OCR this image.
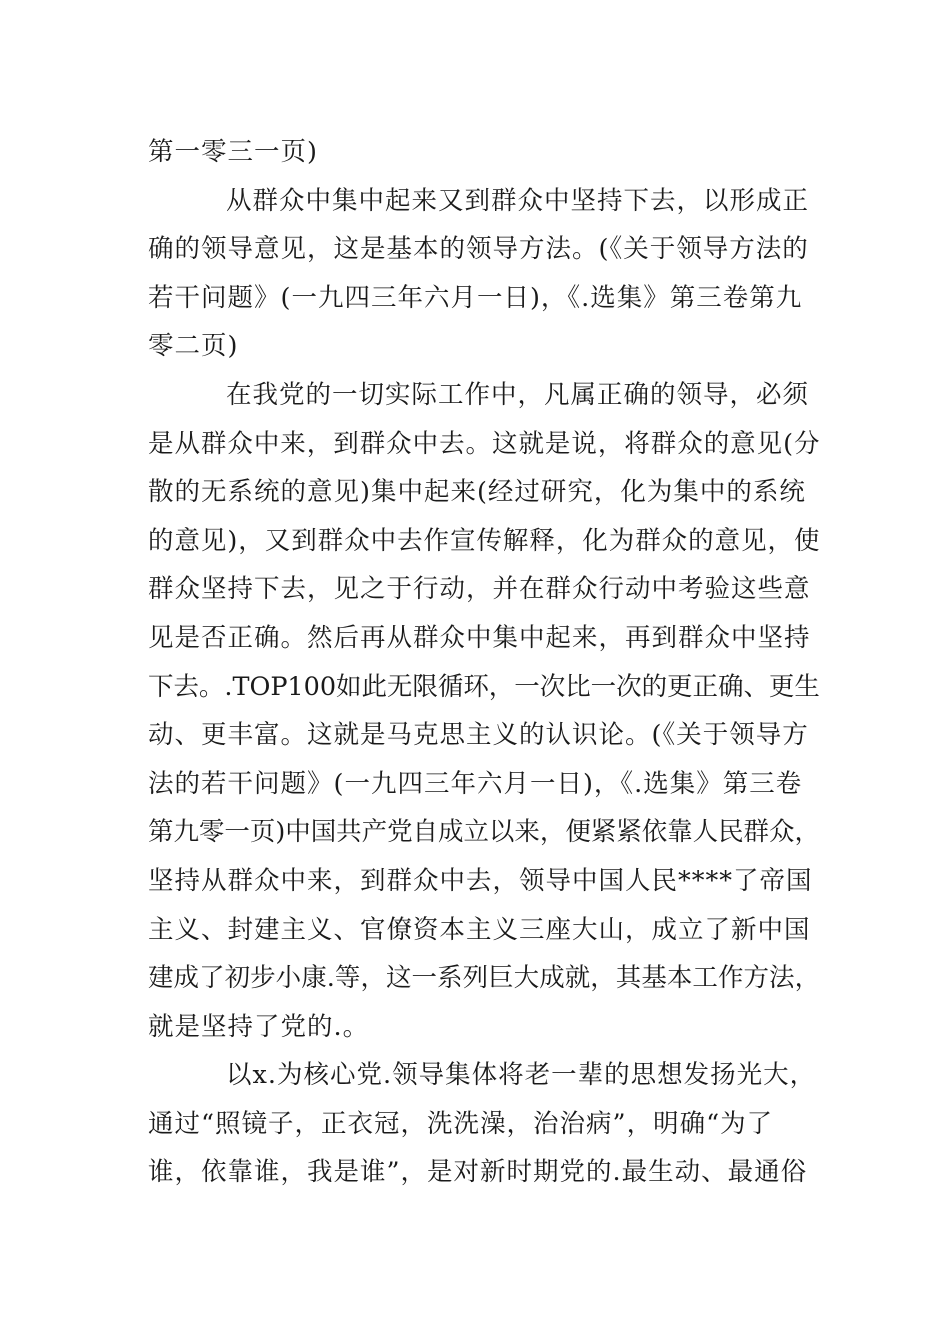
第一零三一页)
从群众中集中起来又到群众中坚持下去，以形成正
确的领导意见，这是基本的领导方法。(《关于领导方法的
若干问题》(一九四三年六月一日)，《.选集》第三卷第九
零二页)
在我党的一切实际工作中，凡属正确的领导，必须
是从群众中来，到群众中去。这就是说，将群众的意见(分
散的无系统的意见)集中起来(经过研究，化为集中的系统
的意见)，又到群众中去作宣传解释，化为群众的意见，使
群众坚持下去，见之于行动，并在群众行动中考验这些意
见是否正确。然后再从群众中集中起来，再到群众中坚持
下去。.TOP100如此无限循环，一次比一次的更正确、更生
动、更丰富。这就是马克思主义的认识论。(《关于领导方
法的若干问题》(一九四三年六月一日)，《.选集》第三卷
第九零一页)中国共产党自成立以来，便紧紧依靠人民群众，
坚持从群众中来，到群众中去，领导中国人民****了帝国
主义、封建主义、官僚资本主义三座大山，成立了新中国
建成了初步小康.等，这一系列巨大成就，其基本工作方法，
就是坚持了党的.。
以x.为核心党.领导集体将老一辈的思想发扬光大，
通过“照镜子，正衣冠，洗洗澡，治治病”，明确“为了
谁，依靠谁，我是谁”，是对新时期党的.最生动、最通俗
